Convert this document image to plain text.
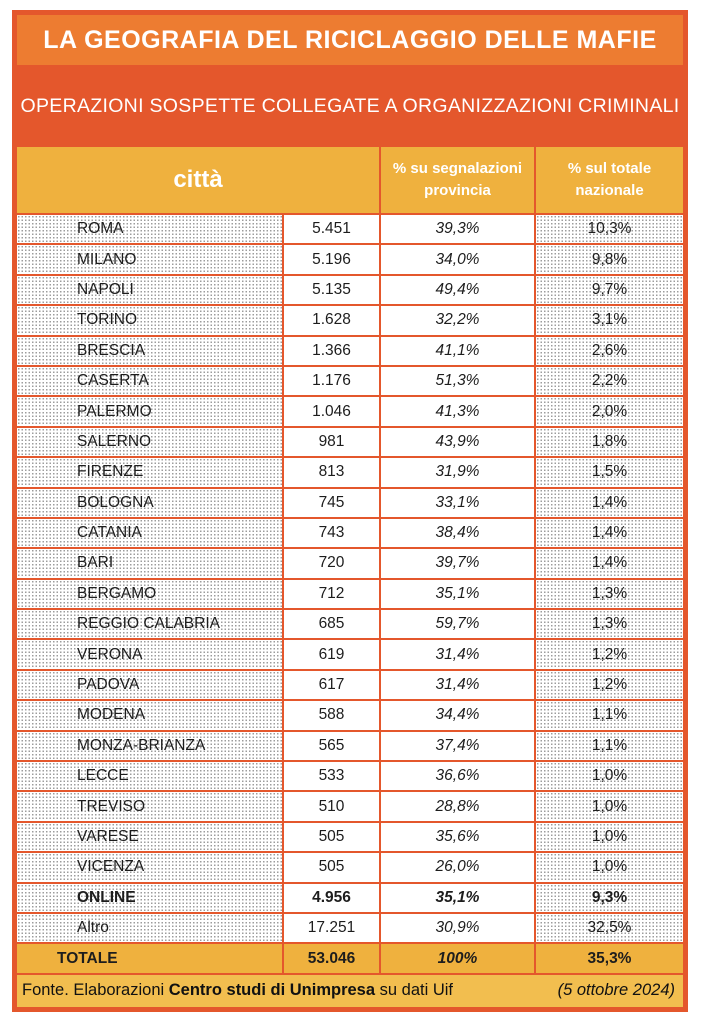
LA GEOGRAFIA DEL RICICLAGGIO DELLE MAFIE
OPERAZIONI SOSPETTE COLLEGATE A ORGANIZZAZIONI CRIMINALI
città	% su segnalazioni
provincia
% sul totale
nazionale
ROMA	5.451	39,3%	10,3%
MILANO	5.196	34,0%	9,8%
NAPOLI	5.135	49,4%	9,7%
TORINO	1.628	32,2%	3,1%
BRESCIA	1.366	41,1%	2,6%
CASERTA	1.176	51,3%	2,2%
PALERMO	1.046	41,3%	2,0%
SALERNO	981	43,9%	1,8%
FIRENZE	813	31,9%	1,5%
BOLOGNA	745	33,1%	1,4%
CATANIA	743	38,4%	1,4%
BARI	720	39,7%	1,4%
BERGAMO	712	35,1%	1,3%
REGGIO CALABRIA	685	59,7%	1,3%
VERONA	619	31,4%	1,2%
PADOVA	617	31,4%	1,2%
MODENA	588	34,4%	1,1%
MONZA-BRIANZA	565	37,4%	1,1%
LECCE	533	36,6%	1,0%
TREVISO	510	28,8%	1,0%
VARESE	505	35,6%	1,0%
VICENZA	505	26,0%	1,0%
ONLINE	4.956	35,1%	9,3%
Altro	17.251	30,9%	32,5%
TOTALE	53.046	100%	35,3%
Fonte. Elaborazioni Centro studi di Unimpresa su dati Uif	(5 ottobre 2024)
